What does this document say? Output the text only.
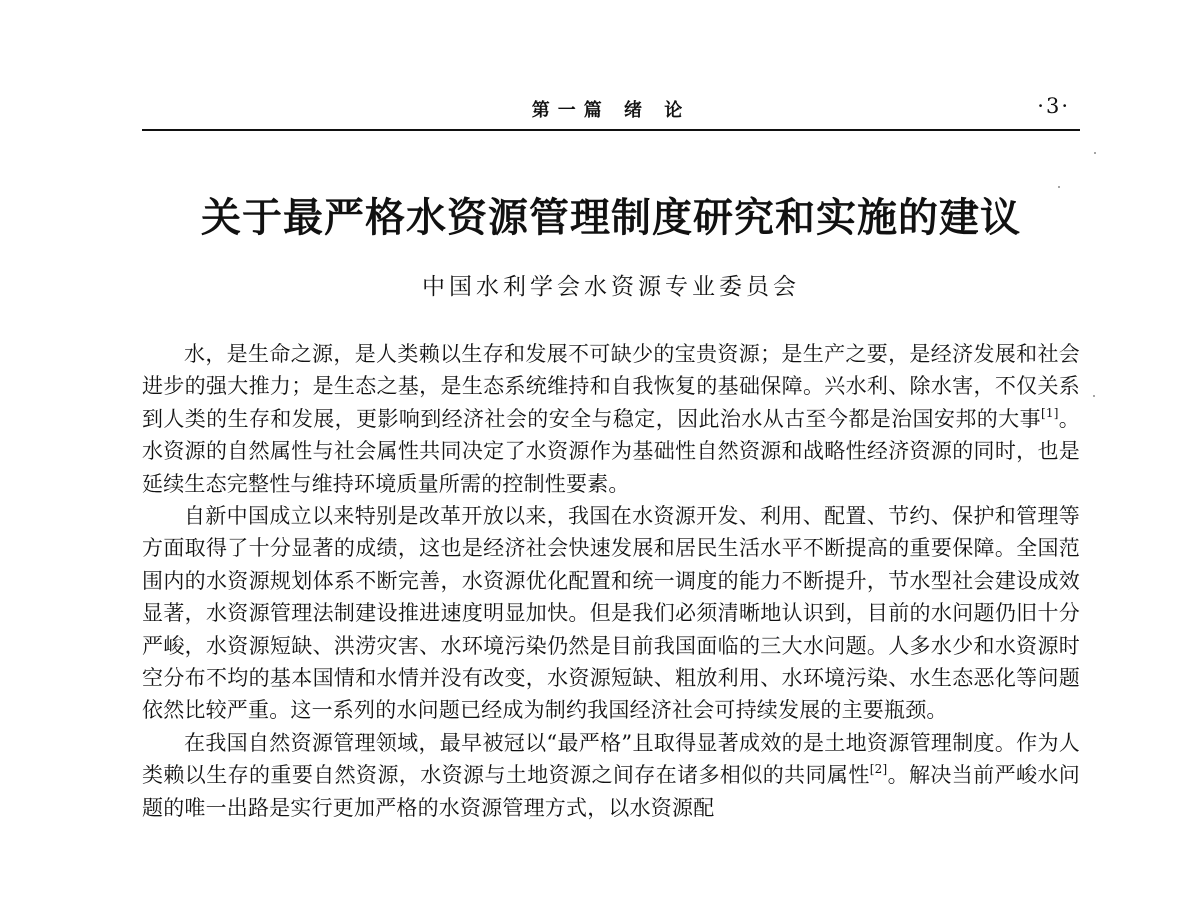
第一篇 绪 论	·3·
关于最严格水资源管理制度研究和实施的建议
中国水利学会水资源专业委员会

水，是生命之源，是人类赖以生存和发展不可缺少的宝贵资源；是生产之要，是经济发展和社会进步的强大推力；是生态之基，是生态系统维持和自我恢复的基础保障。兴水利、除水害，不仅关系到人类的生存和发展，更影响到经济社会的安全与稳定，因此治水从古至今都是治国安邦的大事[1]。水资源的自然属性与社会属性共同决定了水资源作为基础性自然资源和战略性经济资源的同时，也是延续生态完整性与维持环境质量所需的控制性要素。

自新中国成立以来特别是改革开放以来，我国在水资源开发、利用、配置、节约、保护和管理等方面取得了十分显著的成绩，这也是经济社会快速发展和居民生活水平不断提高的重要保障。全国范围内的水资源规划体系不断完善，水资源优化配置和统一调度的能力不断提升，节水型社会建设成效显著，水资源管理法制建设推进速度明显加快。但是我们必须清晰地认识到，目前的水问题仍旧十分严峻，水资源短缺、洪涝灾害、水环境污染仍然是目前我国面临的三大水问题。人多水少和水资源时空分布不均的基本国情和水情并没有改变，水资源短缺、粗放利用、水环境污染、水生态恶化等问题依然比较严重。这一系列的水问题已经成为制约我国经济社会可持续发展的主要瓶颈。

在我国自然资源管理领域，最早被冠以“最严格”且取得显著成效的是土地资源管理制度。作为人类赖以生存的重要自然资源，水资源与土地资源之间存在诸多相似的共同属性[2]。解决当前严峻水问题的唯一出路是实行更加严格的水资源管理方式，以水资源配
